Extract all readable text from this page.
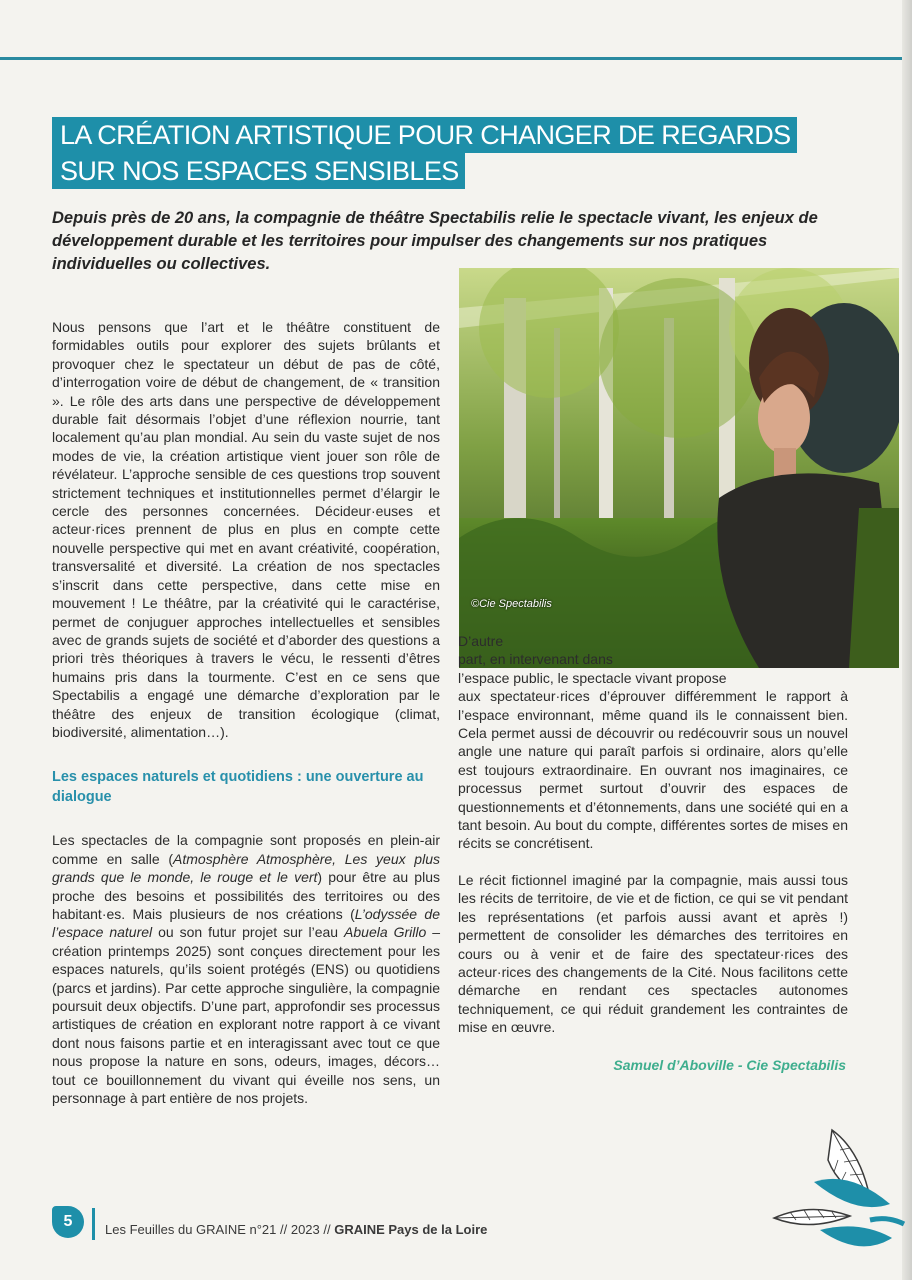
LA CRÉATION ARTISTIQUE POUR CHANGER DE REGARDS
SUR NOS ESPACES SENSIBLES
Depuis près de 20 ans, la compagnie de théâtre Spectabilis relie le spectacle vivant, les enjeux de développement durable et les territoires pour impulser des changements sur nos pratiques individuelles ou collectives.

Nous pensons que l’art et le théâtre constituent de formidables outils pour explorer des sujets brûlants et provoquer chez le spectateur un début de pas de côté, d’interrogation voire de début de changement, de « transition ». Le rôle des arts dans une perspective de développement durable fait désormais l’objet d’une réflexion nourrie, tant localement qu’au plan mondial. Au sein du vaste sujet de nos modes de vie, la création artistique vient jouer son rôle de révélateur. L’approche sensible de ces questions trop souvent strictement techniques et institutionnelles permet d’élargir le cercle des personnes concernées. Décideur·euses et acteur·rices prennent de plus en plus en compte cette nouvelle perspective qui met en avant créativité, coopération, transversalité et diversité. La création de nos spectacles s’inscrit dans cette perspective, dans cette mise en mouvement ! Le théâtre, par la créativité qui le caractérise, permet de conjuguer approches intellectuelles et sensibles avec de grands sujets de société et d’aborder des questions a priori très théoriques à travers le vécu, le ressenti d’êtres humains pris dans la tourmente. C’est en ce sens que Spectabilis a engagé une démarche d’exploration par le théâtre des enjeux de transition écologique (climat, biodiversité, alimentation…).

Les espaces naturels et quotidiens : une ouverture au dialogue

Les spectacles de la compagnie sont proposés en plein-air comme en salle (Atmosphère Atmosphère, Les yeux plus grands que le monde, le rouge et le vert) pour être au plus proche des besoins et possibilités des territoires ou des habitant·es. Mais plusieurs de nos créations (L’odyssée de l’espace naturel ou son futur projet sur l’eau Abuela Grillo – création printemps 2025) sont conçues directement pour les espaces naturels, qu’ils soient protégés (ENS) ou quotidiens (parcs et jardins). Par cette approche singulière, la compagnie poursuit deux objectifs. D’une part, approfondir ses processus artistiques de création en explorant notre rapport à ce vivant dont nous faisons partie et en interagissant avec tout ce que nous propose la nature en sons, odeurs, images, décors… tout ce bouillonnement du vivant qui éveille nos sens, un personnage à part entière de nos projets.

©Cie Spectabilis

D’autre
part, en intervenant dans
l’espace public, le spectacle vivant propose
aux spectateur·rices d’éprouver différemment le rapport à l’espace environnant, même quand ils le connaissent bien. Cela permet aussi de découvrir ou redécouvrir sous un nouvel angle une nature qui paraît parfois si ordinaire, alors qu’elle est toujours extraordinaire. En ouvrant nos imaginaires, ce processus permet surtout d’ouvrir des espaces de questionnements et d’étonnements, dans une société qui en a tant besoin. Au bout du compte, différentes sortes de mises en récits se concrétisent.

Le récit fictionnel imaginé par la compagnie, mais aussi tous les récits de territoire, de vie et de fiction, ce qui se vit pendant les représentations (et parfois aussi avant et après !) permettent de consolider les démarches des territoires en cours ou à venir et de faire des spectateur·rices des acteur·rices des changements de la Cité. Nous facilitons cette démarche en rendant ces spectacles autonomes techniquement, ce qui réduit grandement les contraintes de mise en œuvre.

Samuel d’Aboville - Cie Spectabilis
5	Les Feuilles du GRAINE n°21 // 2023 // GRAINE Pays de la Loire
